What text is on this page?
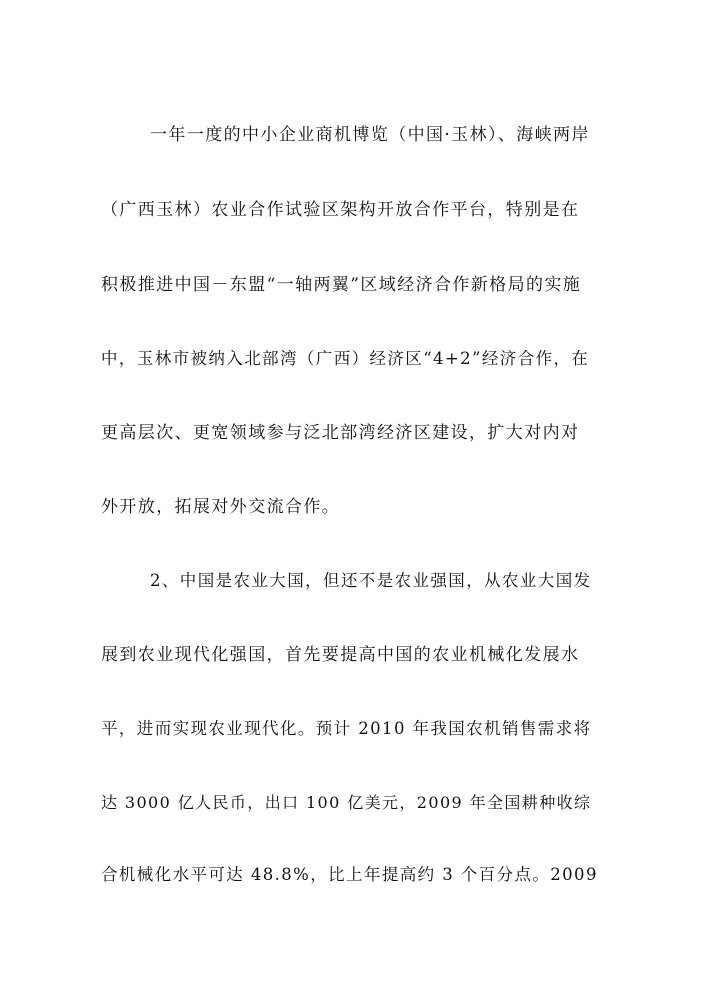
一年一度的中小企业商机博览（中国·玉林）、海峡两岸
（广西玉林）农业合作试验区架构开放合作平台，特别是在
积极推进中国－东盟“一轴两翼”区域经济合作新格局的实施
中，玉林市被纳入北部湾（广西）经济区“4+2”经济合作，在
更高层次、更宽领域参与泛北部湾经济区建设，扩大对内对
外开放，拓展对外交流合作。
2、中国是农业大国，但还不是农业强国，从农业大国发
展到农业现代化强国，首先要提高中国的农业机械化发展水
平，进而实现农业现代化。预计 2010 年我国农机销售需求将
达 3000 亿人民币，出口 100 亿美元，2009 年全国耕种收综
合机械化水平可达 48.8%，比上年提高约 3 个百分点。2009
